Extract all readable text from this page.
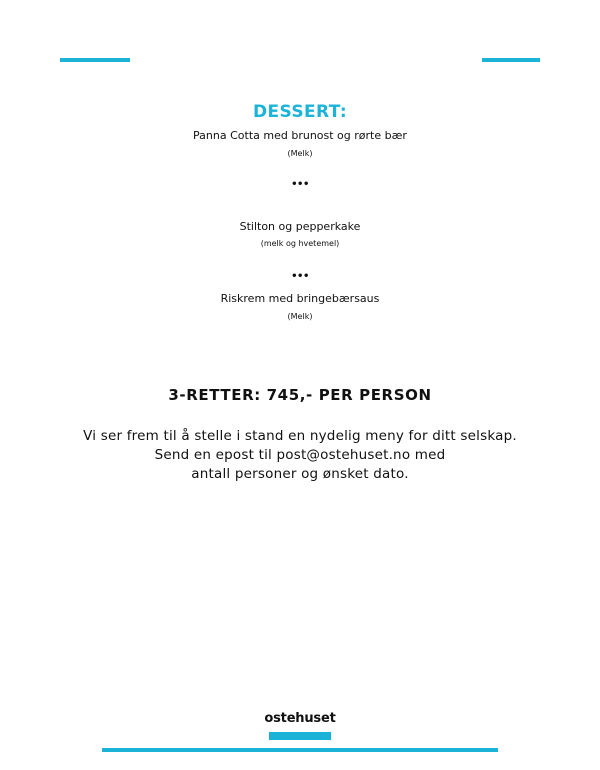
DESSERT:
Panna Cotta med brunost og rørte bær
(Melk)
•••
Stilton og pepperkake
(melk og hvetemel)
•••
Riskrem med bringebærsaus
(Melk)
3-RETTER: 745,- PER PERSON
Vi ser frem til å stelle i stand en nydelig meny for ditt selskap.
Send en epost til post@ostehuset.no med
antall personer og ønsket dato.
ostehuset
